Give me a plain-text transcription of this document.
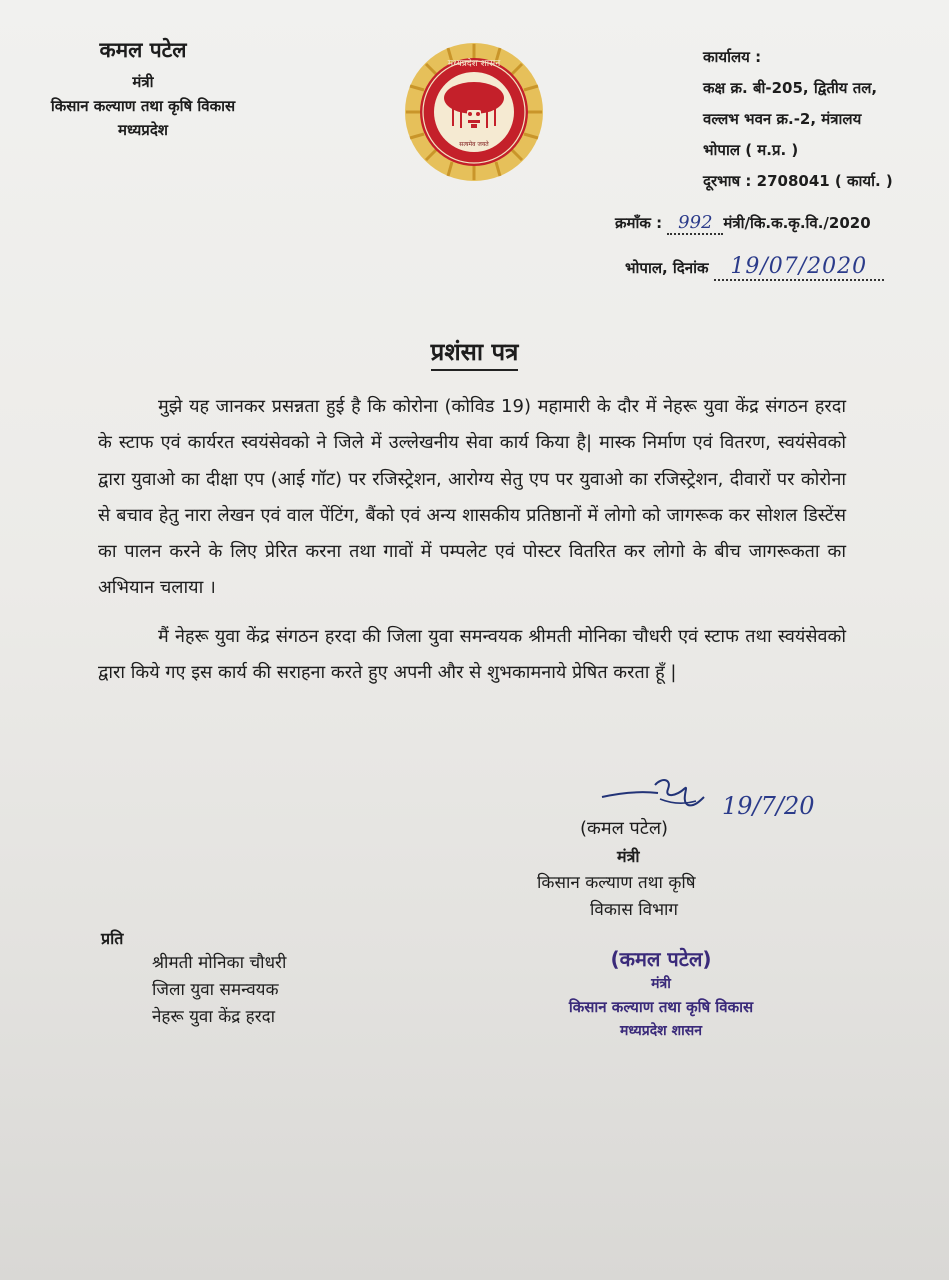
कमल पटेल
मंत्री
किसान कल्याण तथा कृषि विकास
मध्यप्रदेश
मध्यप्रदेश शासन
सत्यमेव जयते
कार्यालय :
कक्ष क्र. बी-205, द्वितीय तल,
वल्लभ भवन क्र.-2, मंत्रालय
भोपाल ( म.प्र. )
दूरभाष : 2708041 ( कार्या. )
क्रमाँक : 992 मंत्री/कि.क.कृ.वि./2020
भोपाल, दिनांक 19/07/2020
प्रशंसा पत्र

मुझे यह जानकर प्रसन्नता हुई है कि कोरोना (कोविड 19) महामारी के दौर में नेहरू युवा केंद्र संगठन हरदा के स्टाफ एवं कार्यरत स्वयंसेवको ने जिले में उल्लेखनीय सेवा कार्य किया है| मास्क निर्माण एवं वितरण, स्वयंसेवको द्वारा युवाओ का दीक्षा एप (आई गॉट) पर रजिस्ट्रेशन, आरोग्य सेतु एप पर युवाओ का रजिस्ट्रेशन, दीवारों पर कोरोना से बचाव हेतु नारा लेखन एवं वाल पेंटिंग, बैंको एवं अन्य शासकीय प्रतिष्ठानों में लोगो को जागरूक कर सोशल डिस्टेंस का पालन करने के लिए प्रेरित करना तथा गावों में पम्पलेट एवं पोस्टर वितरित कर लोगो के बीच जागरूकता का अभियान चलाया ।

मैं नेहरू युवा केंद्र संगठन हरदा की जिला युवा समन्वयक श्रीमती मोनिका चौधरी एवं स्टाफ तथा स्वयंसेवको द्वारा किये गए इस कार्य की सराहना करते हुए अपनी और से शुभकामनाये प्रेषित करता हूँ |

19/7/20
(कमल पटेल)
मंत्री
किसान कल्याण तथा कृषि
विकास विभाग
प्रति
श्रीमती मोनिका चौधरी
जिला युवा समन्वयक
नेहरू युवा केंद्र हरदा
(कमल पटेल)
मंत्री
किसान कल्याण तथा कृषि विकास
मध्यप्रदेश शासन
